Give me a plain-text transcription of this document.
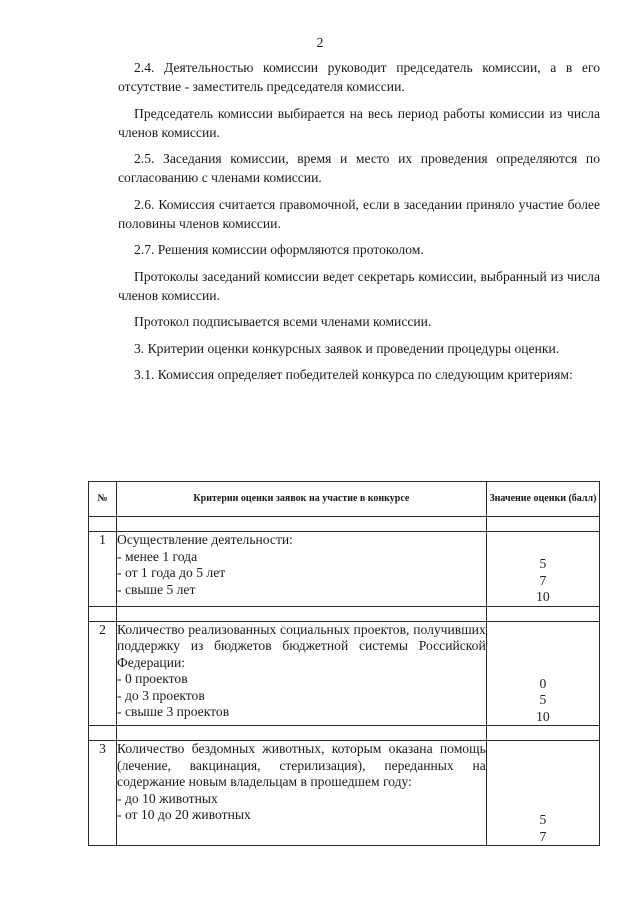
2

2.4. Деятельностью комиссии руководит председатель комиссии, а в его отсутствие - заместитель председателя комиссии.

Председатель комиссии выбирается на весь период работы комиссии из числа членов комиссии.

2.5. Заседания комиссии, время и место их проведения определяются по согласованию с членами комиссии.

2.6. Комиссия считается правомочной, если в заседании приняло участие более половины членов комиссии.

2.7. Решения комиссии оформляются протоколом.

Протоколы заседаний комиссии ведет секретарь комиссии, выбранный из числа членов комиссии.

Протокол подписывается всеми членами комиссии.

3. Критерии оценки конкурсных заявок и проведении процедуры оценки.

3.1. Комиссия определяет победителей конкурса по следующим критериям:

№	Критерии оценки заявок на участие в конкурсе	Значение оценки (балл)

1	Осуществление деятельности:
- менее 1 года
- от 1 года до 5 лет
- свыше 5 лет	5
7
10

2	Количество реализованных социальных проектов, получивших поддержку из бюджетов бюджетной системы Российской Федерации:
- 0 проектов
- до 3 проектов
- свыше 3 проектов	0
5
10

3	Количество бездомных животных, которым оказана помощь (лечение, вакцинация, стерилизация), переданных на содержание новым владельцам в прошедшем году:
- до 10 животных
- от 10 до 20 животных	5
7
